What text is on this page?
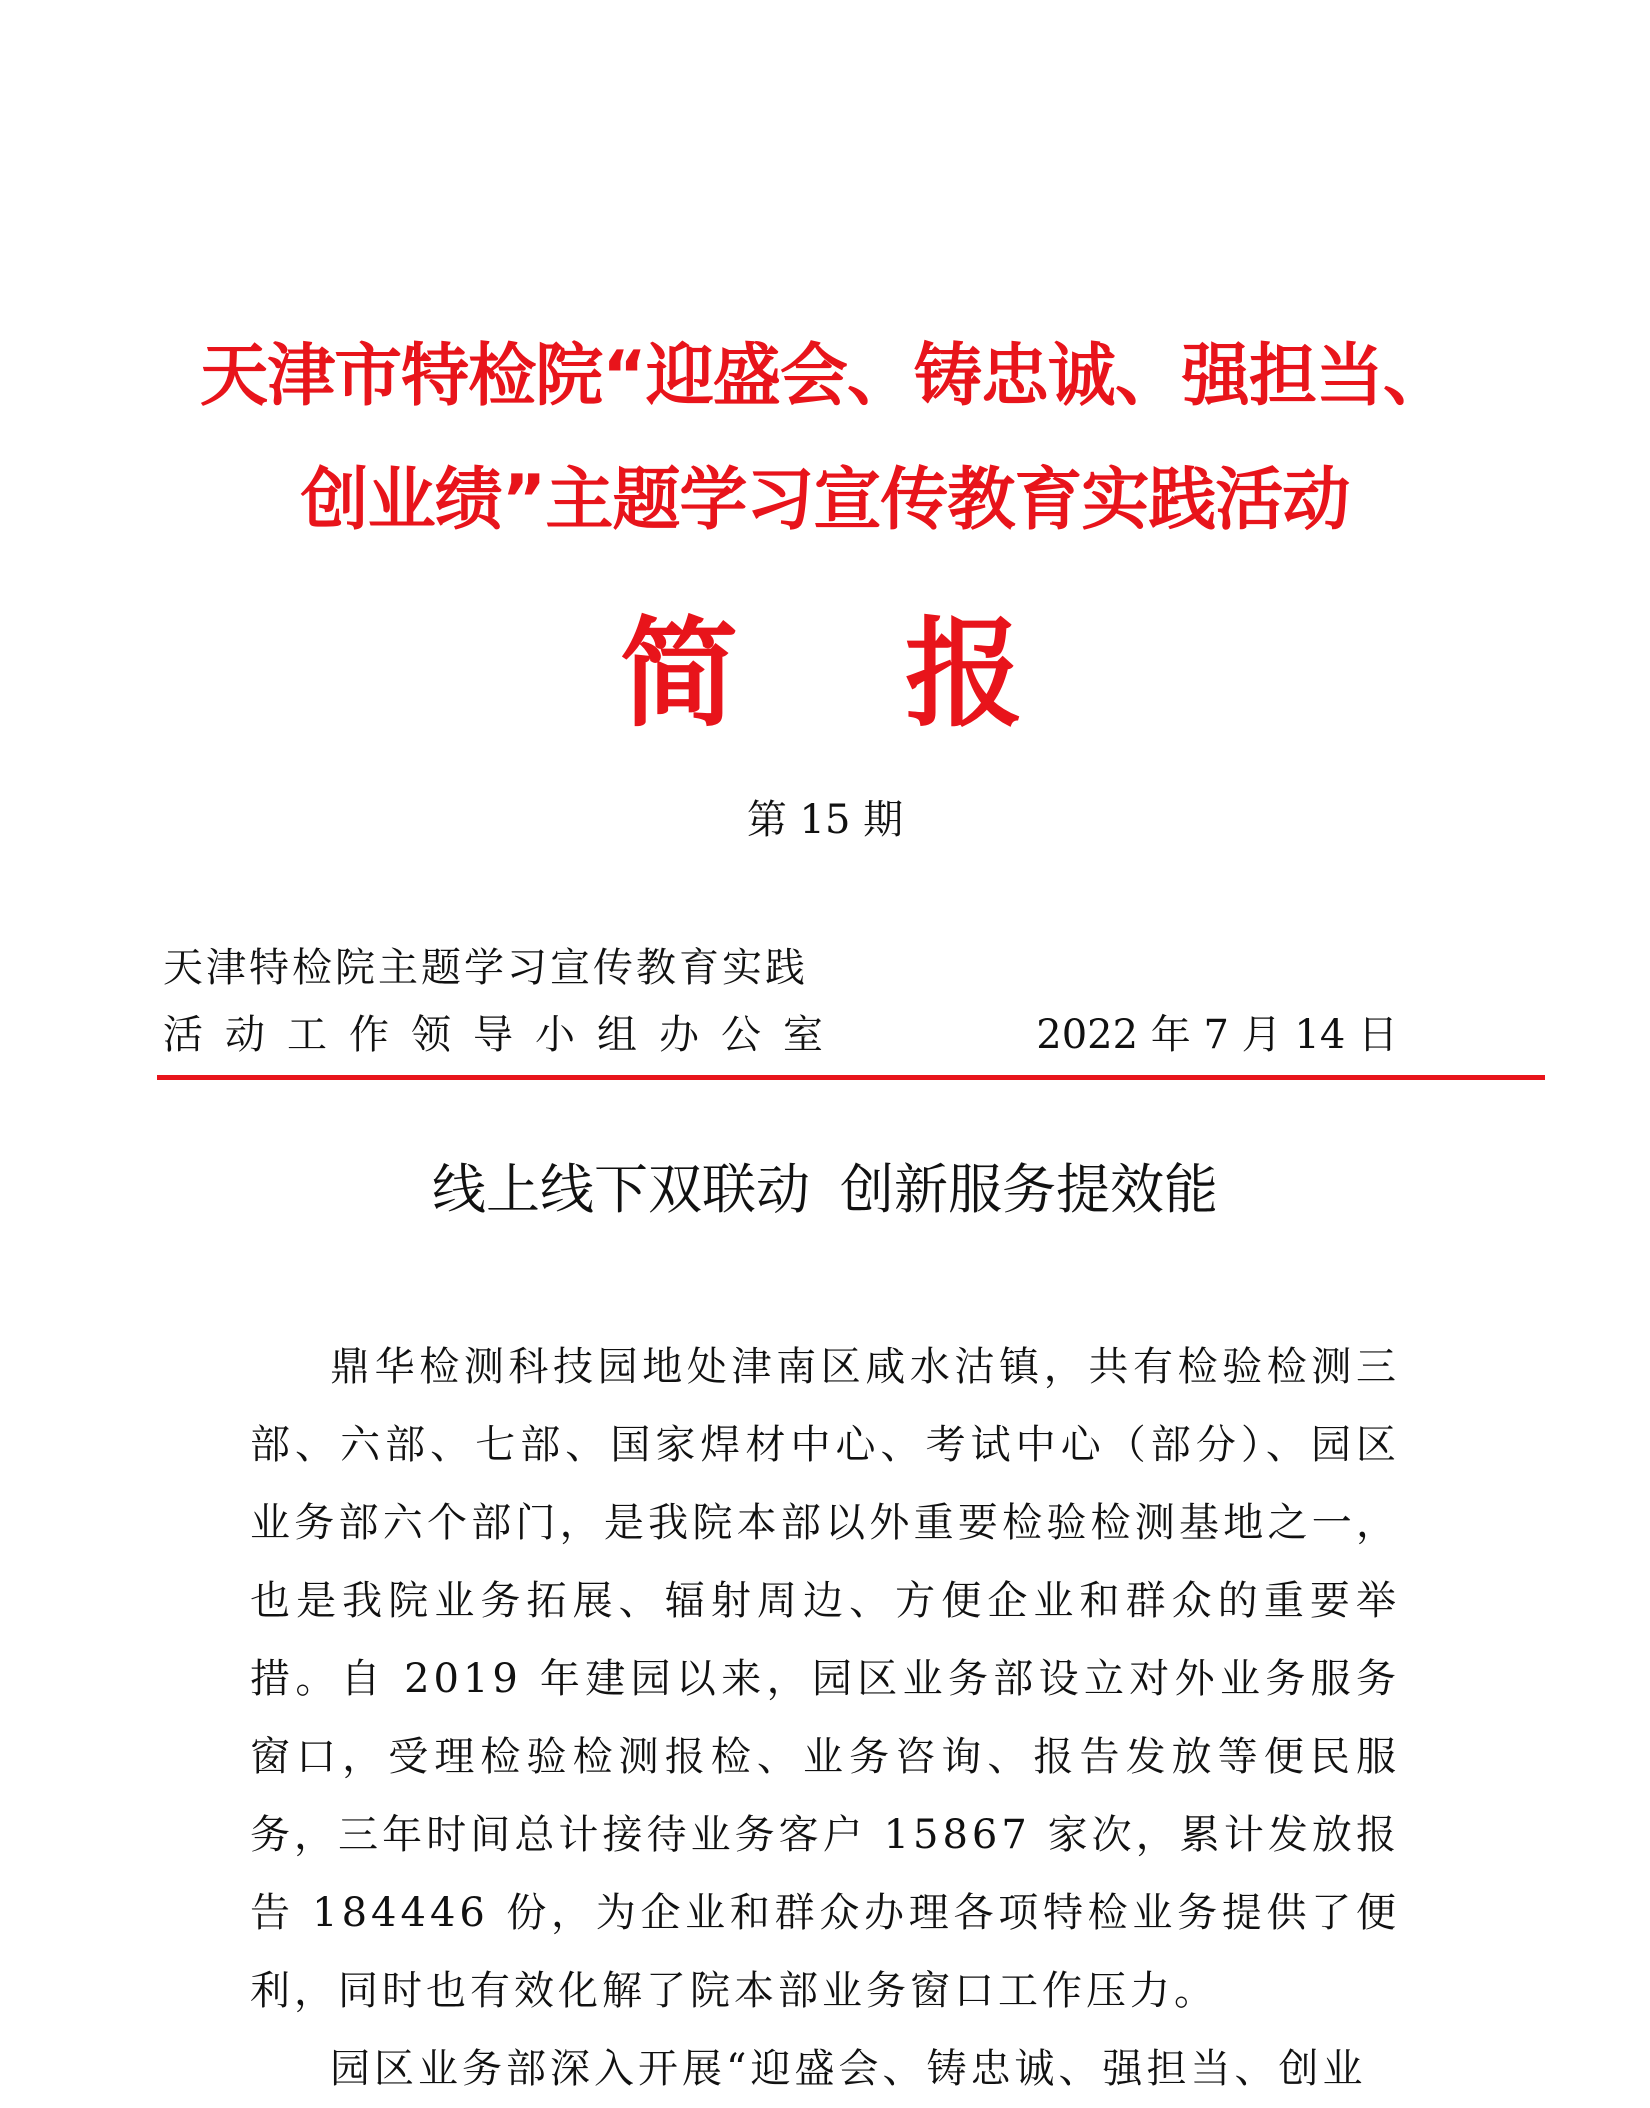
天津市特检院“迎盛会、铸忠诚、强担当、
创业绩”主题学习宣传教育实践活动
简 报
第 15 期
天津特检院主题学习宣传教育实践
活动工作领导小组办公室	2022 年 7 月 14 日
线上线下双联动 创新服务提效能

鼎华检测科技园地处津南区咸水沽镇，共有检验检测三部、六部、七部、国家焊材中心、考试中心（部分）、园区业务部六个部门，是我院本部以外重要检验检测基地之一，也是我院业务拓展、辐射周边、方便企业和群众的重要举措。自 2019 年建园以来，园区业务部设立对外业务服务窗口，受理检验检测报检、业务咨询、报告发放等便民服务，三年时间总计接待业务客户 15867 家次，累计发放报告 184446 份，为企业和群众办理各项特检业务提供了便利，同时也有效化解了院本部业务窗口工作压力。

园区业务部深入开展“迎盛会、铸忠诚、强担当、创业
